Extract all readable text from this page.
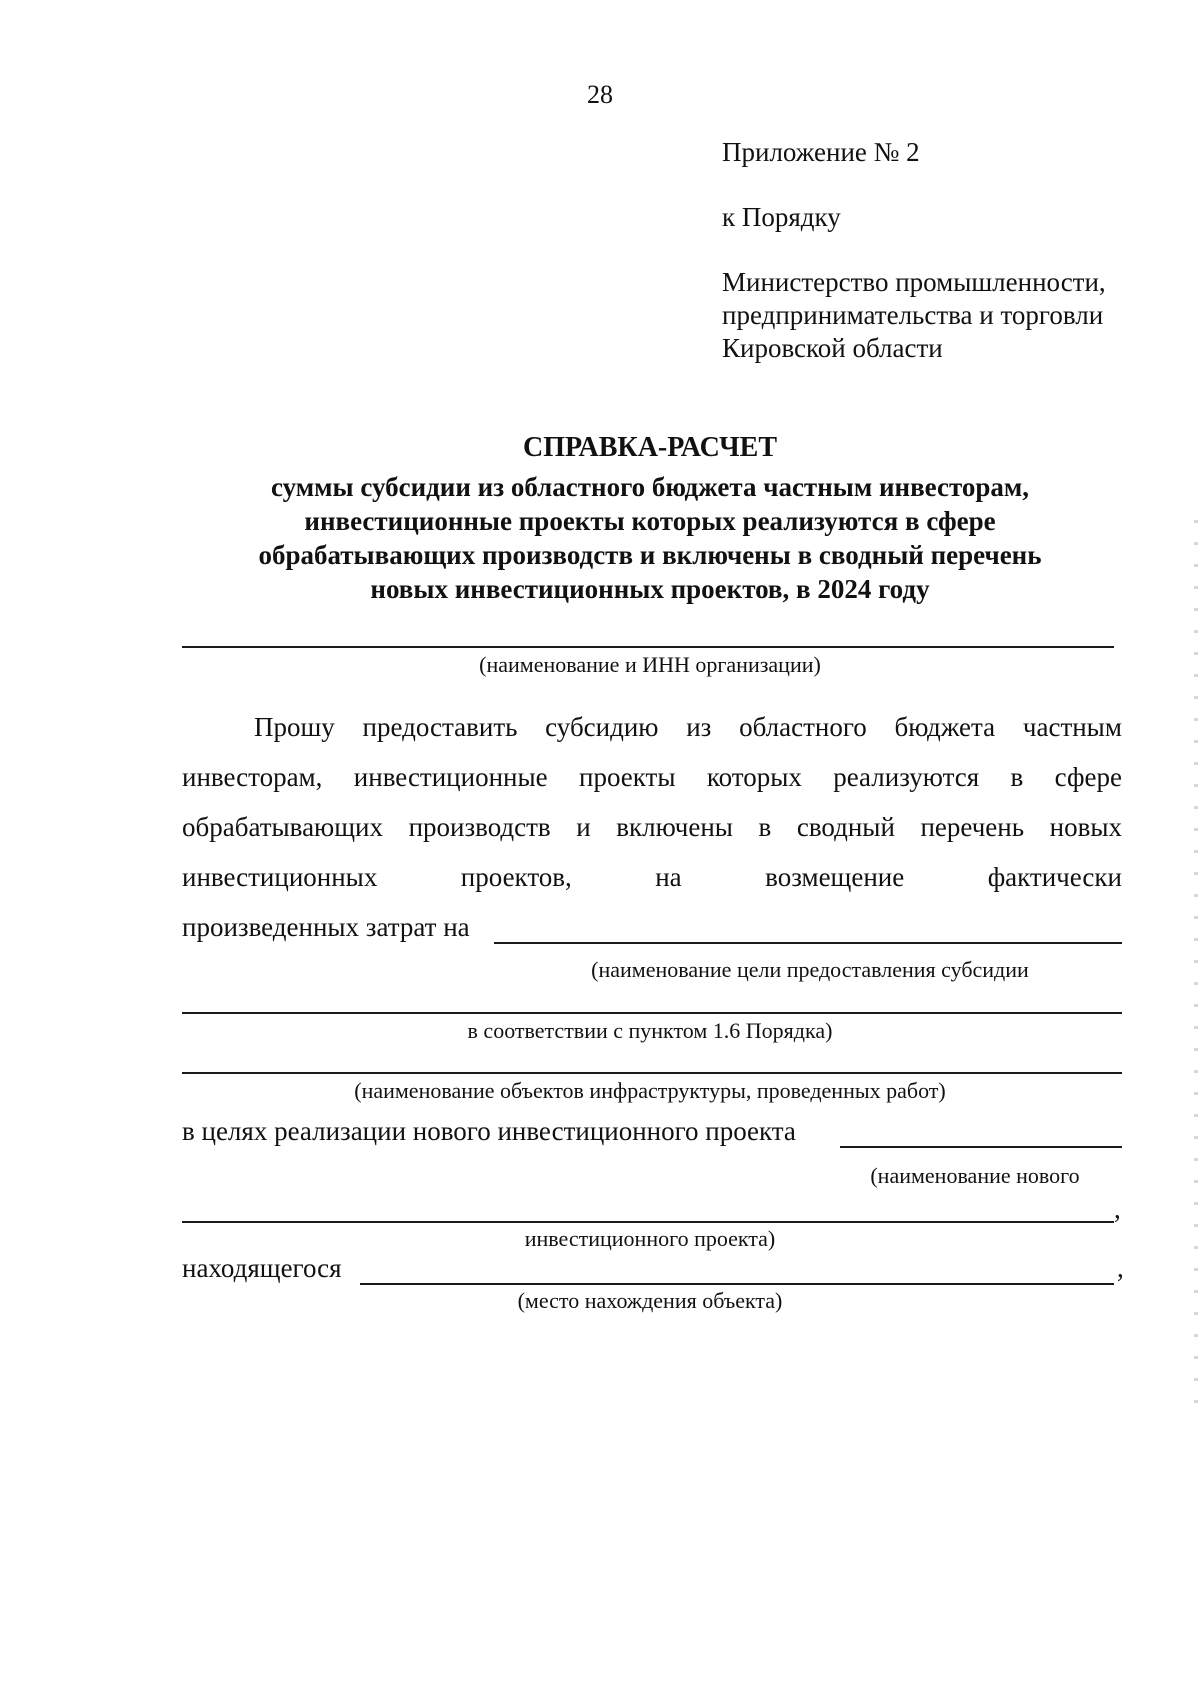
28
Приложение № 2
к Порядку
Министерство промышленности,
предпринимательства и торговли
Кировской области
СПРАВКА-РАСЧЕТ
суммы субсидии из областного бюджета частным инвесторам,
инвестиционные проекты которых реализуются в сфере
обрабатывающих производств и включены в сводный перечень
новых инвестиционных проектов, в 2024 году
(наименование и ИНН организации)
Прошу предоставить субсидию из областного бюджета частным
инвесторам, инвестиционные проекты которых реализуются в сфере
обрабатывающих производств и включены в сводный перечень новых
инвестиционных	проектов,	на	возмещение	фактически
произведенных затрат на
(наименование цели предоставления субсидии
в соответствии с пунктом 1.6 Порядка)
(наименование объектов инфраструктуры, проведенных работ)
в целях реализации нового инвестиционного проекта
(наименование нового
,
инвестиционного проекта)
находящегося	,
(место нахождения объекта)
